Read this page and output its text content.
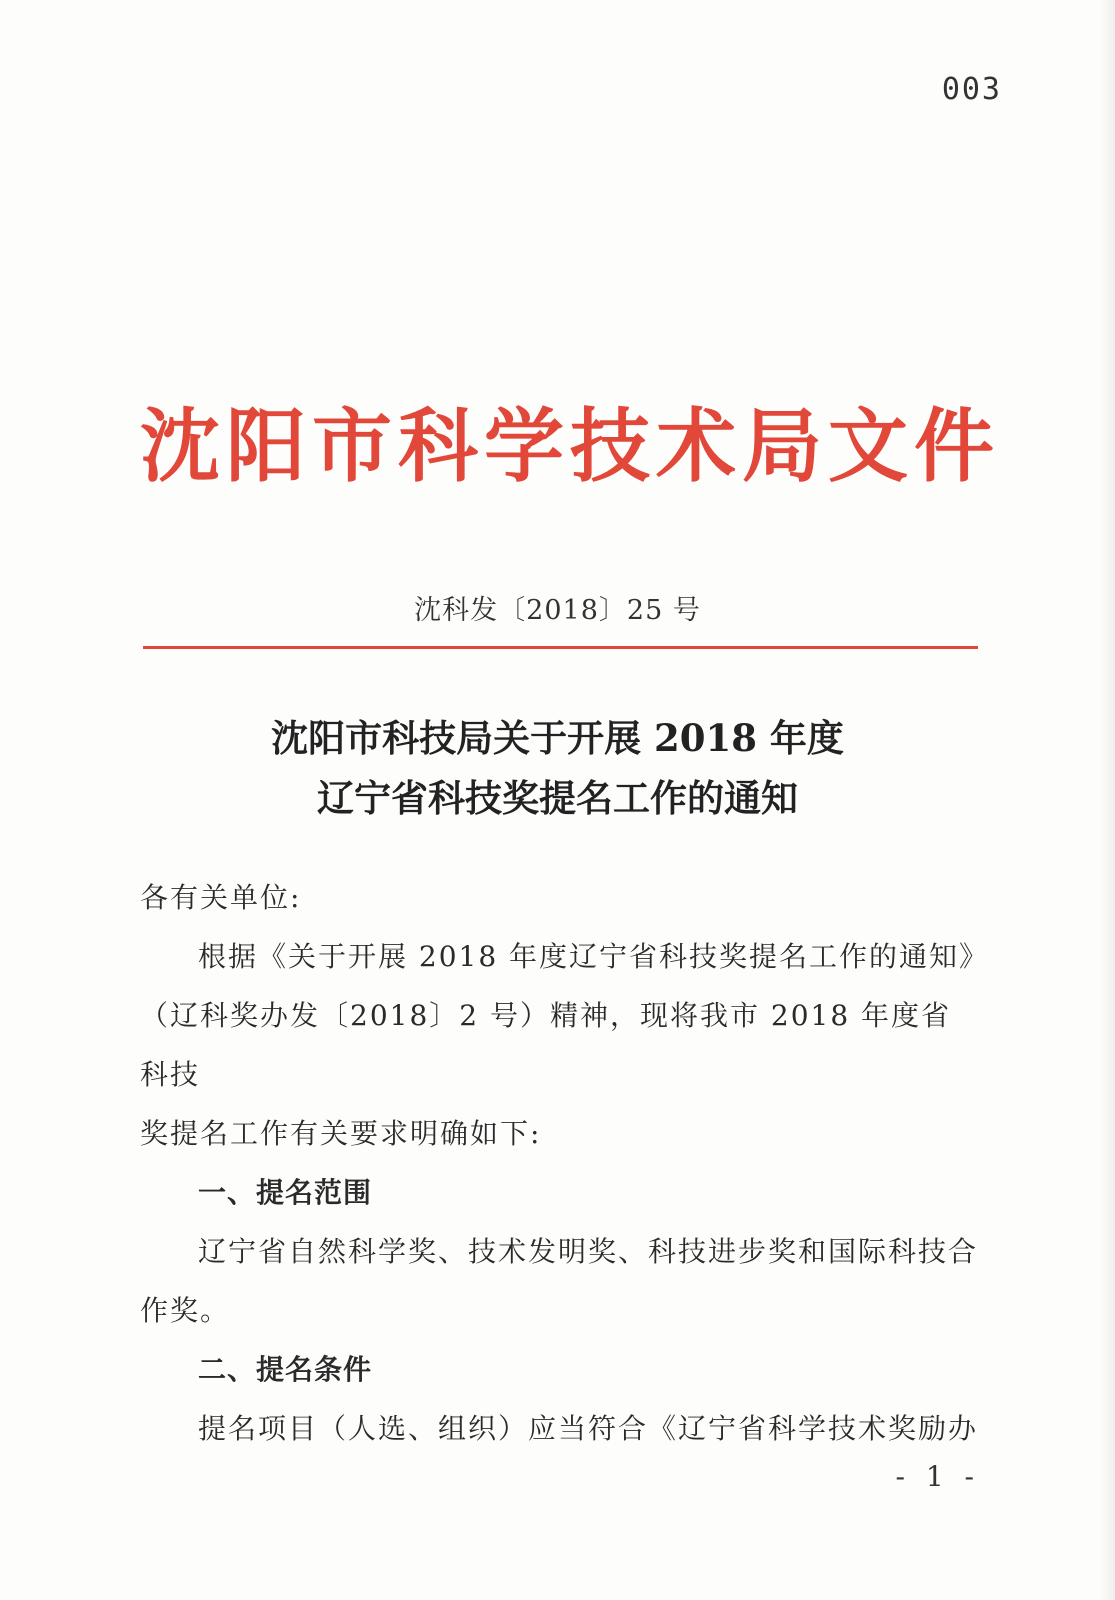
003
沈阳市科学技术局文件
沈科发〔2018〕25 号
沈阳市科技局关于开展 2018 年度
辽宁省科技奖提名工作的通知

各有关单位:

根据《关于开展 2018 年度辽宁省科技奖提名工作的通知》

（辽科奖办发〔2018〕2 号）精神，现将我市 2018 年度省科技

奖提名工作有关要求明确如下:

一、提名范围

辽宁省自然科学奖、技术发明奖、科技进步奖和国际科技合

作奖。

二、提名条件

提名项目（人选、组织）应当符合《辽宁省科学技术奖励办

- 1 -
